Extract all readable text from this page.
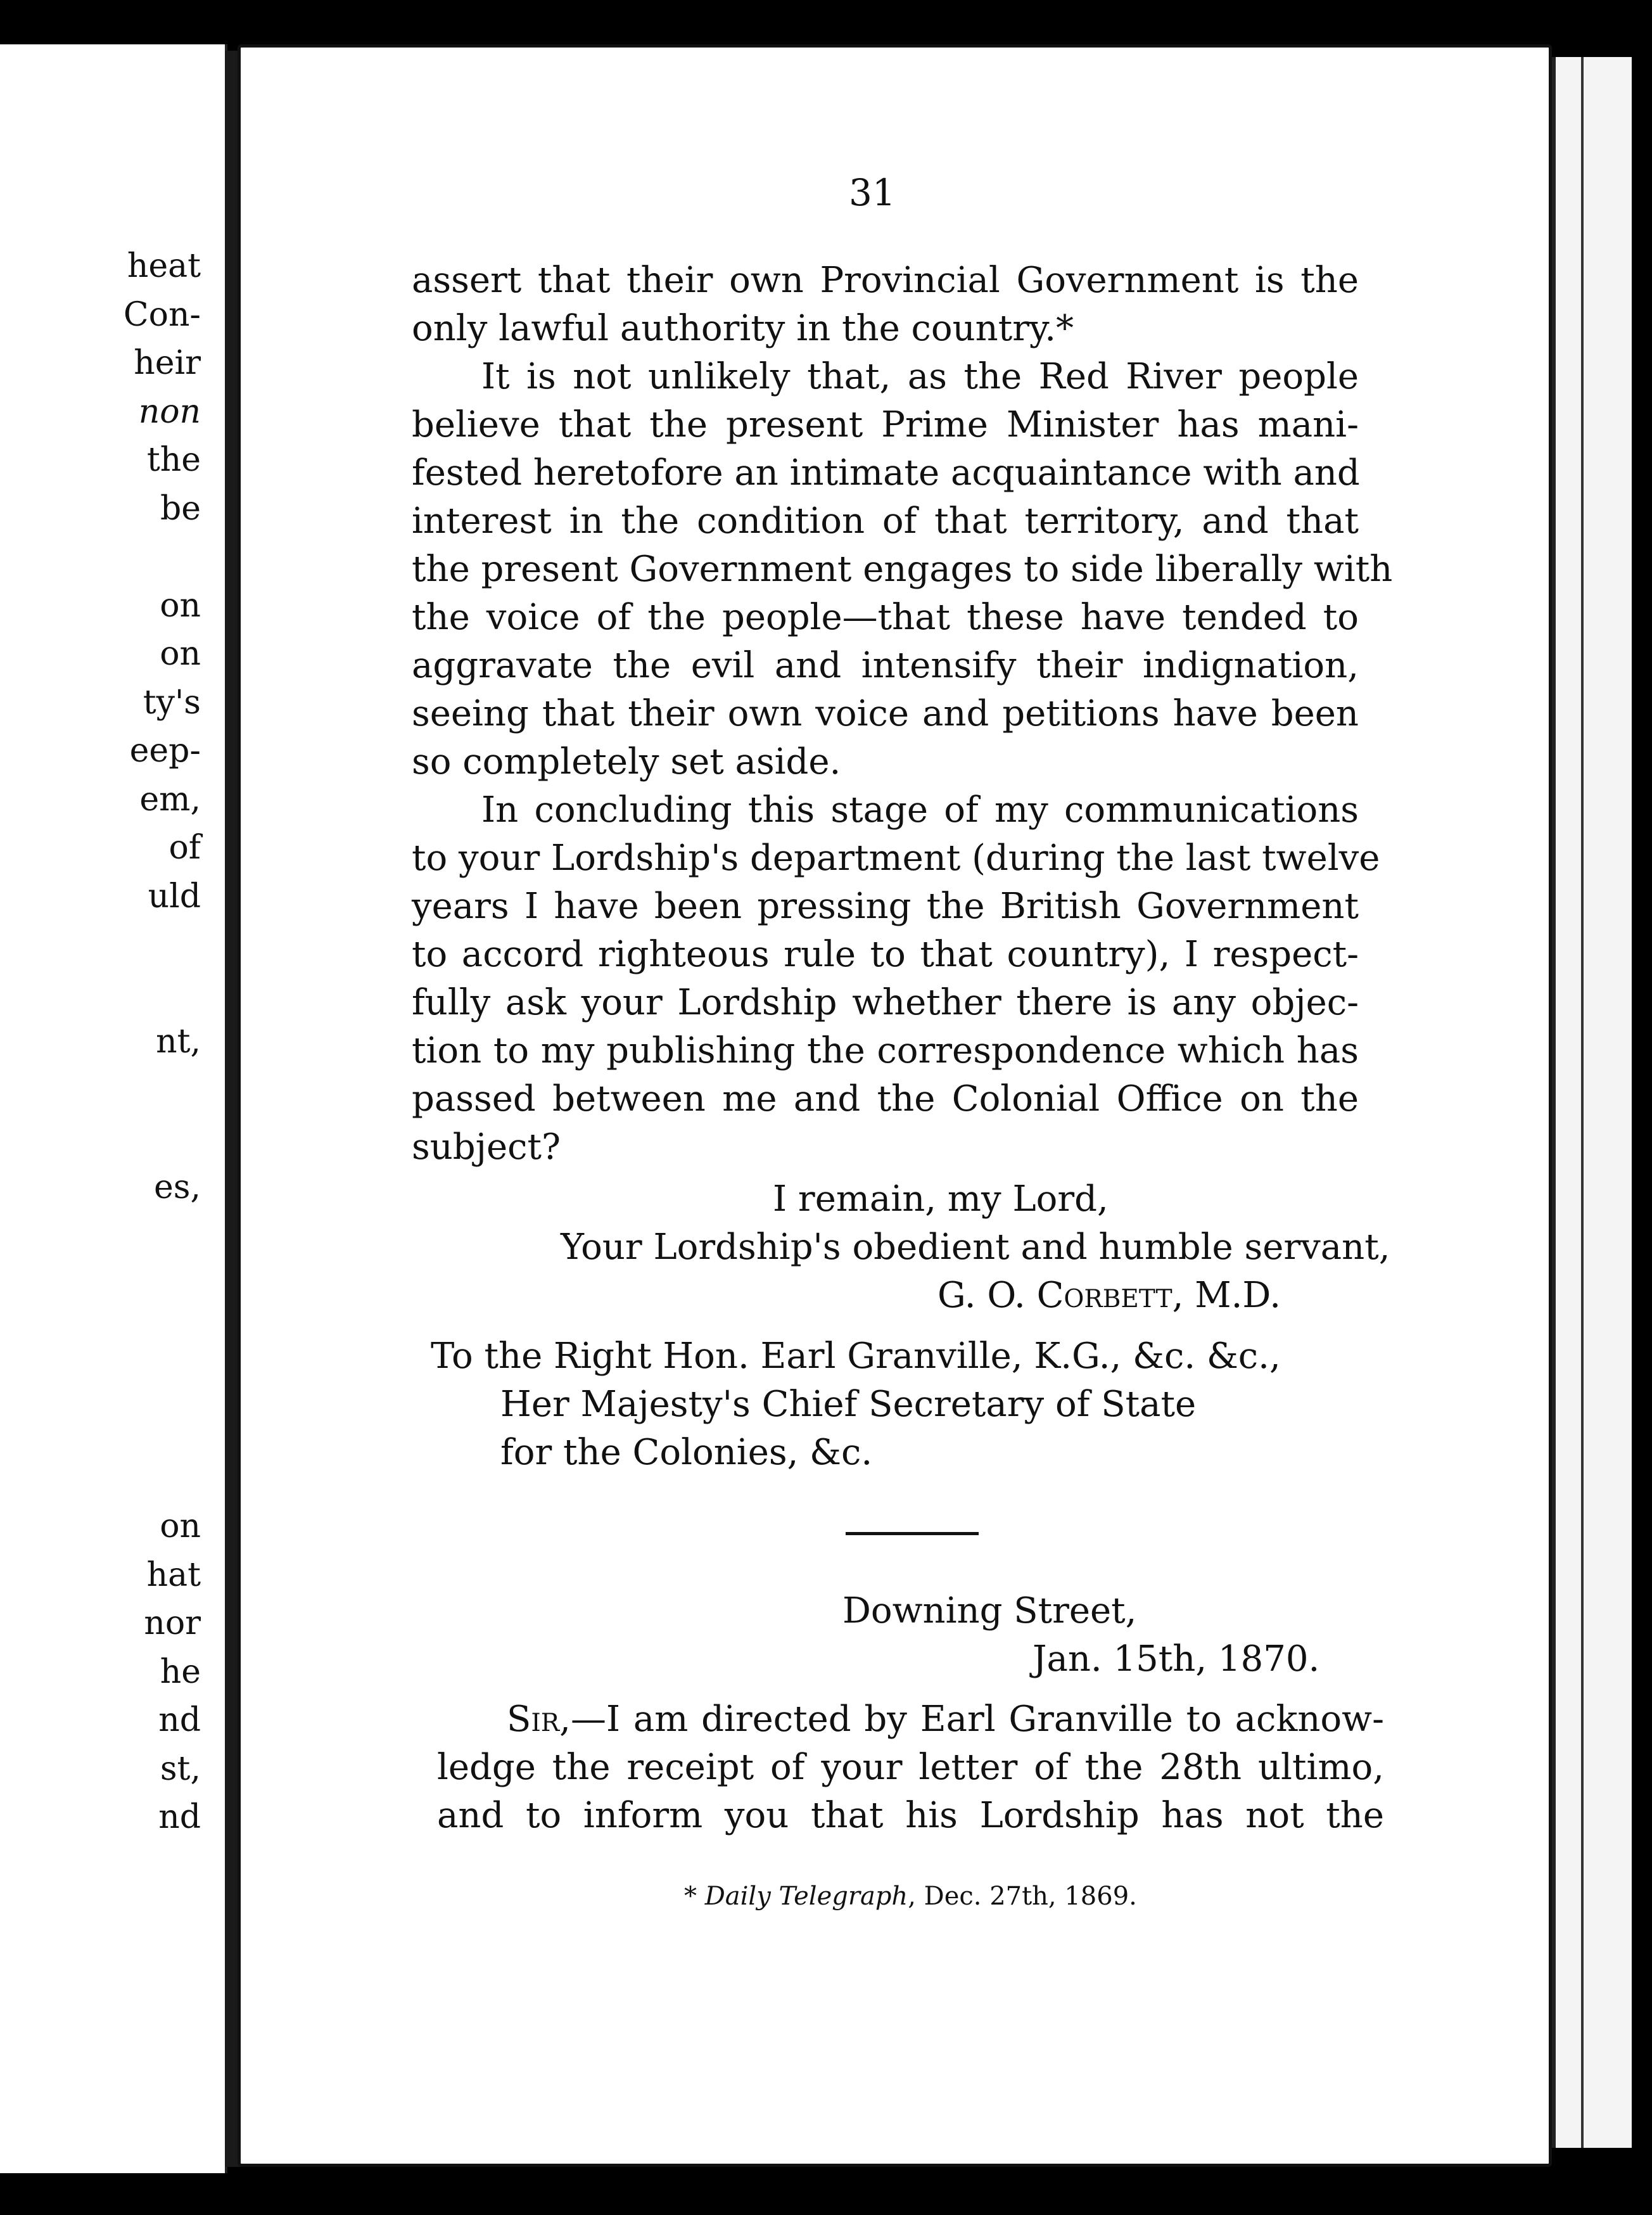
heat
Con-
heir
non
the
be
on
on
ty's
eep-
em,
of
uld
nt,
es,
on
hat
nor
he
nd
st,
nd
31
assert that their own Provincial Government is the
only lawful authority in the country.*
It is not unlikely that, as the Red River people
believe that the present Prime Minister has mani-
fested heretofore an intimate acquaintance with and
interest in the condition of that territory, and that
the present Government engages to side liberally with
the voice of the people—that these have tended to
aggravate the evil and intensify their indignation,
seeing that their own voice and petitions have been
so completely set aside.
In concluding this stage of my communications
to your Lordship's department (during the last twelve
years I have been pressing the British Government
to accord righteous rule to that country), I respect-
fully ask your Lordship whether there is any objec-
tion to my publishing the correspondence which has
passed between me and the Colonial Office on the
subject?
I remain, my Lord,
Your Lordship's obedient and humble servant,
G. O. Corbett, M.D.
To the Right Hon. Earl Granville, K.G., &c. &c.,
Her Majesty's Chief Secretary of State
for the Colonies, &c.
Downing Street,
Jan. 15th, 1870.
Sir,—I am directed by Earl Granville to acknow-
ledge the receipt of your letter of the 28th ultimo,
and to inform you that his Lordship has not the
* Daily Telegraph, Dec. 27th, 1869.
